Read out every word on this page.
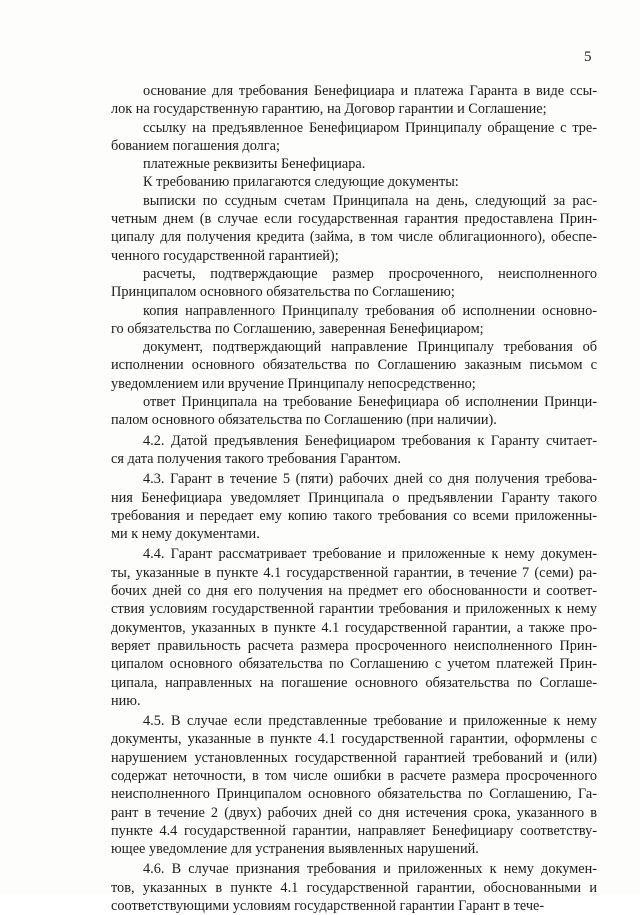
5

основание для требования Бенефициара и платежа Гаранта в виде ссы-
лок на государственную гарантию, на Договор гарантии и Соглашение;

ссылку на предъявленное Бенефициаром Принципалу обращение с тре-
бованием погашения долга;

платежные реквизиты Бенефициара.

К требованию прилагаются следующие документы:

выписки по ссудным счетам Принципала на день, следующий за рас-
четным днем (в случае если государственная гарантия предоставлена Прин-
ципалу для получения кредита (займа, в том числе облигационного), обеспе-
ченного государственной гарантией);

расчеты, подтверждающие размер просроченного, неисполненного
Принципалом основного обязательства по Соглашению;

копия направленного Принципалу требования об исполнении основно-
го обязательства по Соглашению, заверенная Бенефициаром;

документ, подтверждающий направление Принципалу требования об
исполнении основного обязательства по Соглашению заказным письмом с
уведомлением или вручение Принципалу непосредственно;

ответ Принципала на требование Бенефициара об исполнении Принци-
палом основного обязательства по Соглашению (при наличии).

4.2. Датой предъявления Бенефициаром требования к Гаранту считает-
ся дата получения такого требования Гарантом.

4.3. Гарант в течение 5 (пяти) рабочих дней со дня получения требова-
ния Бенефициара уведомляет Принципала о предъявлении Гаранту такого
требования и передает ему копию такого требования со всеми приложенны-
ми к нему документами.

4.4. Гарант рассматривает требование и приложенные к нему докумен-
ты, указанные в пункте 4.1 государственной гарантии, в течение 7 (семи) ра-
бочих дней со дня его получения на предмет его обоснованности и соответ-
ствия условиям государственной гарантии требования и приложенных к нему
документов, указанных в пункте 4.1 государственной гарантии, а также про-
веряет правильность расчета размера просроченного неисполненного Прин-
ципалом основного обязательства по Соглашению с учетом платежей Прин-
ципала, направленных на погашение основного обязательства по Соглаше-
нию.

4.5. В случае если представленные требование и приложенные к нему
документы, указанные в пункте 4.1 государственной гарантии, оформлены с
нарушением установленных государственной гарантией требований и (или)
содержат неточности, в том числе ошибки в расчете размера просроченного
неисполненного Принципалом основного обязательства по Соглашению, Га-
рант в течение 2 (двух) рабочих дней со дня истечения срока, указанного в
пункте 4.4 государственной гарантии, направляет Бенефициару соответству-
ющее уведомление для устранения выявленных нарушений.

4.6. В случае признания требования и приложенных к нему докумен-
тов, указанных в пункте 4.1 государственной гарантии, обоснованными и
соответствующими условиям государственной гарантии Гарант в тече-
